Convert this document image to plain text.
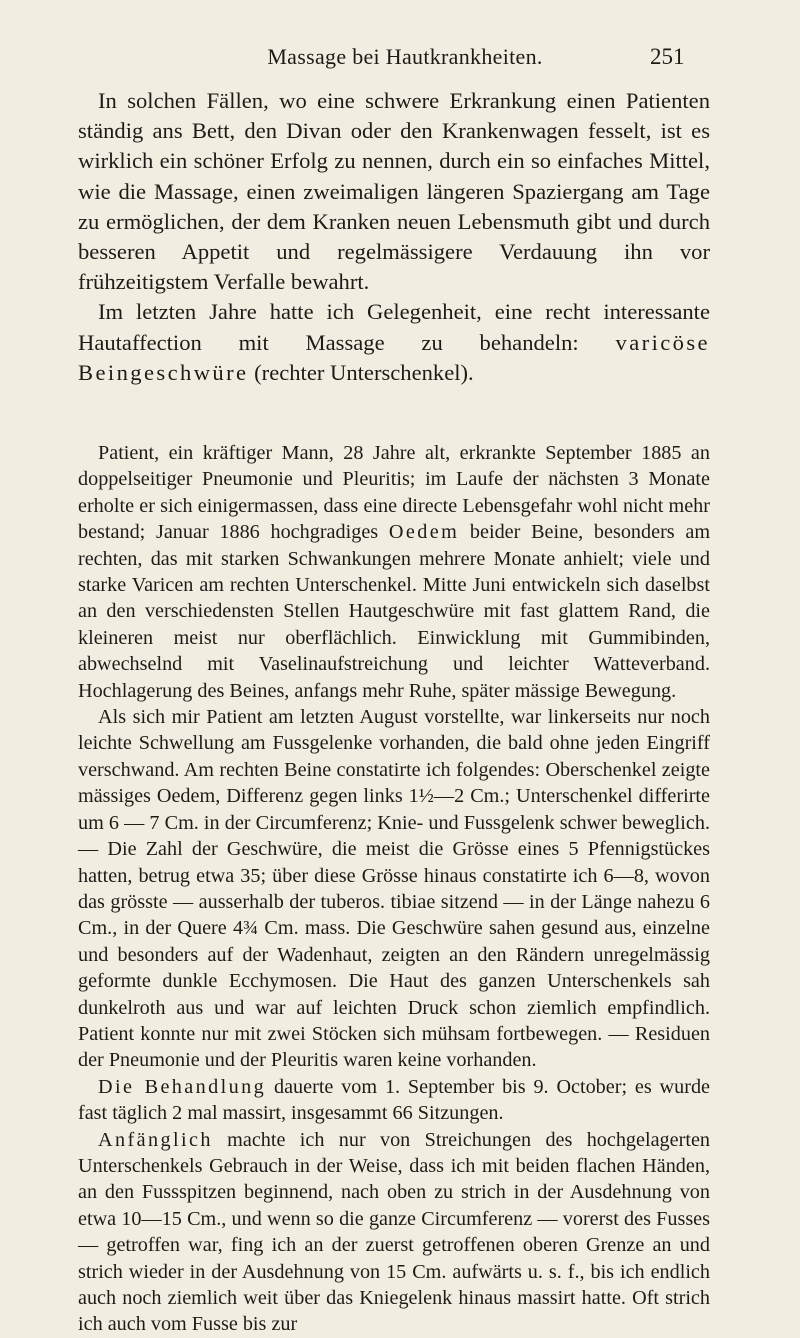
Massage bei Hautkrankheiten.	251

In solchen Fällen, wo eine schwere Erkrankung einen Patienten ständig ans Bett, den Divan oder den Krankenwagen fesselt, ist es wirklich ein schöner Erfolg zu nennen, durch ein so einfaches Mittel, wie die Massage, einen zweimaligen längeren Spaziergang am Tage zu ermöglichen, der dem Kranken neuen Lebensmuth gibt und durch besseren Appetit und regelmässigere Verdauung ihn vor frühzeitigstem Verfalle bewahrt.

Im letzten Jahre hatte ich Gelegenheit, eine recht interessante Hautaffection mit Massage zu behandeln: varicöse Beingeschwüre (rechter Unterschenkel).

Patient, ein kräftiger Mann, 28 Jahre alt, erkrankte September 1885 an doppelseitiger Pneumonie und Pleuritis; im Laufe der nächsten 3 Monate erholte er sich einigermassen, dass eine directe Lebensgefahr wohl nicht mehr bestand; Januar 1886 hochgradiges Oedem beider Beine, besonders am rechten, das mit starken Schwankungen mehrere Monate anhielt; viele und starke Varicen am rechten Unterschenkel. Mitte Juni entwickeln sich daselbst an den verschiedensten Stellen Hautgeschwüre mit fast glattem Rand, die kleineren meist nur oberflächlich. Einwicklung mit Gummibinden, abwechselnd mit Vaselinaufstreichung und leichter Watteverband. Hochlagerung des Beines, anfangs mehr Ruhe, später mässige Bewegung.

Als sich mir Patient am letzten August vorstellte, war linkerseits nur noch leichte Schwellung am Fussgelenke vorhanden, die bald ohne jeden Eingriff verschwand. Am rechten Beine constatirte ich folgendes: Oberschenkel zeigte mässiges Oedem, Differenz gegen links 1½—2 Cm.; Unterschenkel differirte um 6 — 7 Cm. in der Circumferenz; Knie- und Fussgelenk schwer beweglich. — Die Zahl der Geschwüre, die meist die Grösse eines 5 Pfennigstückes hatten, betrug etwa 35; über diese Grösse hinaus constatirte ich 6—8, wovon das grösste — ausserhalb der tuberos. tibiae sitzend — in der Länge nahezu 6 Cm., in der Quere 4¾ Cm. mass. Die Geschwüre sahen gesund aus, einzelne und besonders auf der Wadenhaut, zeigten an den Rändern unregelmässig geformte dunkle Ecchymosen. Die Haut des ganzen Unterschenkels sah dunkelroth aus und war auf leichten Druck schon ziemlich empfindlich. Patient konnte nur mit zwei Stöcken sich mühsam fortbewegen. — Residuen der Pneumonie und der Pleuritis waren keine vorhanden.

Die Behandlung dauerte vom 1. September bis 9. October; es wurde fast täglich 2 mal massirt, insgesammt 66 Sitzungen.

Anfänglich machte ich nur von Streichungen des hochgelagerten Unterschenkels Gebrauch in der Weise, dass ich mit beiden flachen Händen, an den Fussspitzen beginnend, nach oben zu strich in der Ausdehnung von etwa 10—15 Cm., und wenn so die ganze Circumferenz — vorerst des Fusses — getroffen war, fing ich an der zuerst getroffenen oberen Grenze an und strich wieder in der Ausdehnung von 15 Cm. aufwärts u. s. f., bis ich endlich auch noch ziemlich weit über das Kniegelenk hinaus massirt hatte. Oft strich ich auch vom Fusse bis zur
